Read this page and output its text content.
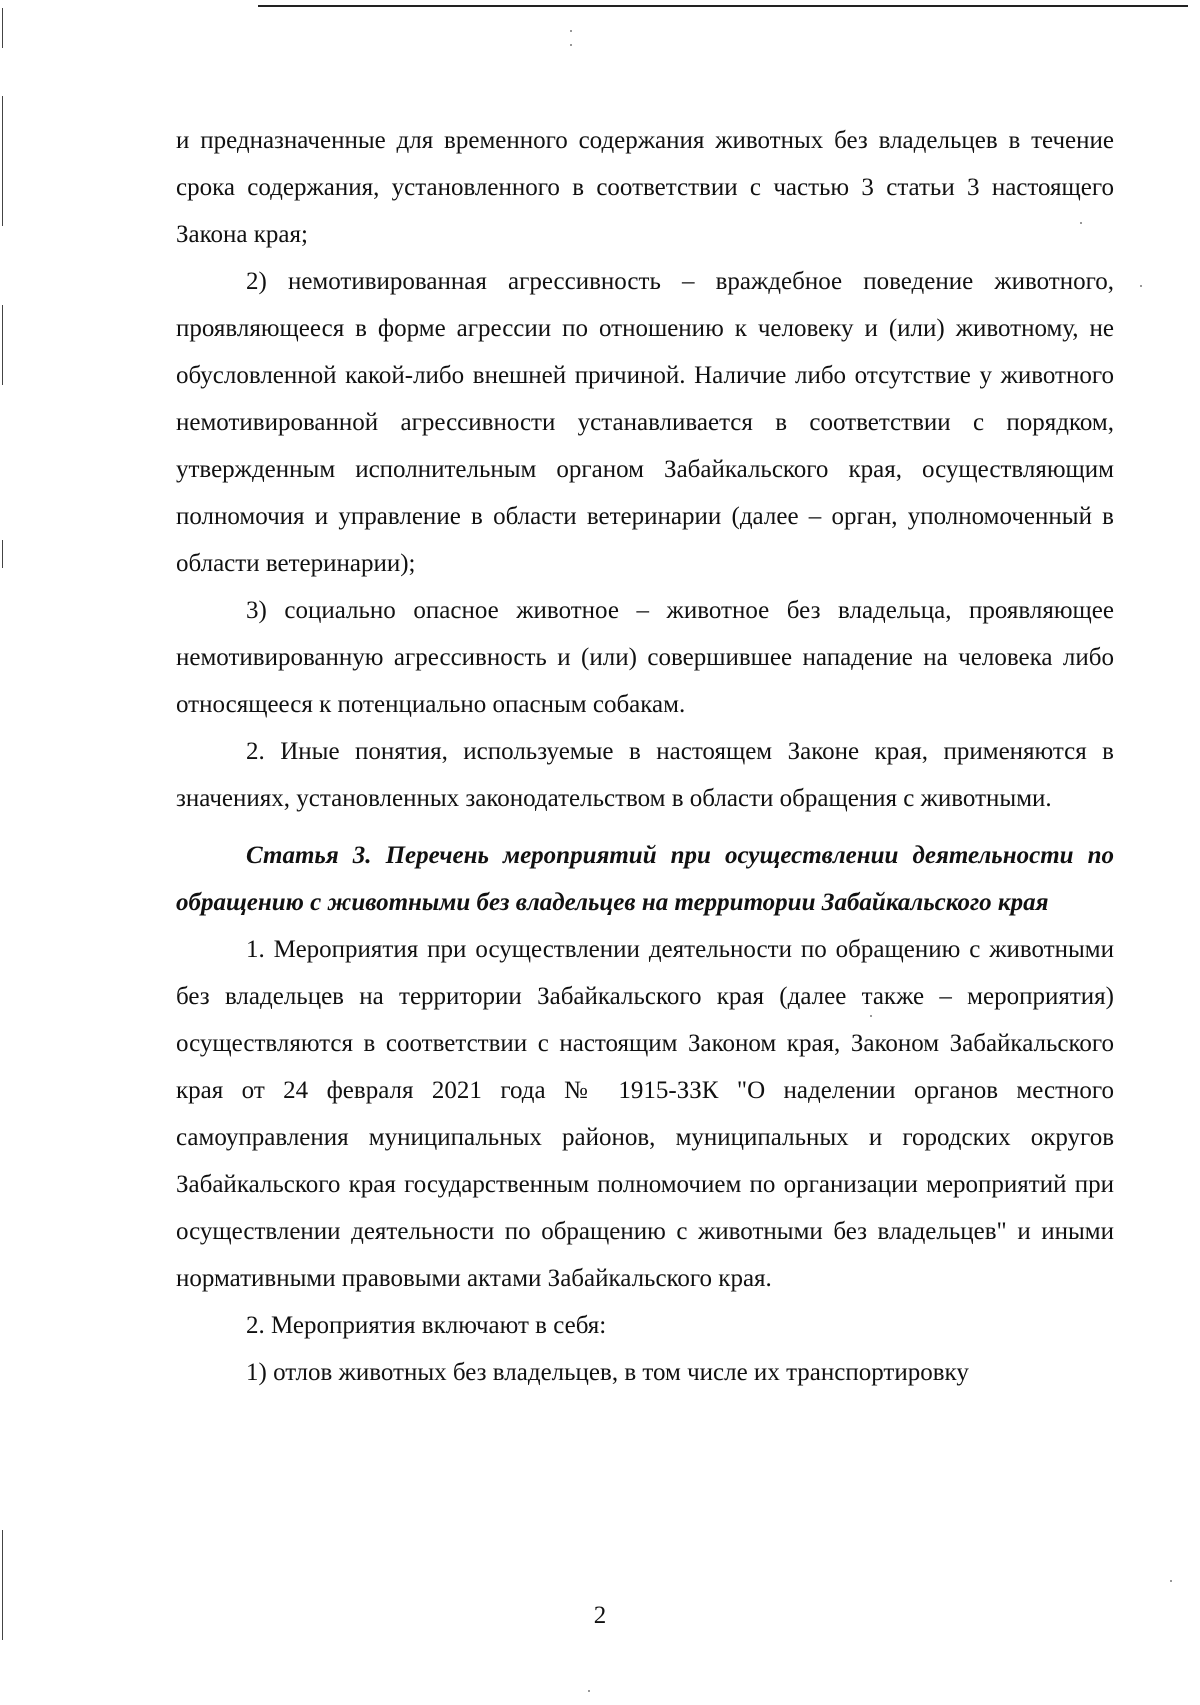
и предназначенные для временного содержания животных без владельцев в течение срока содержания, установленного в соответствии с частью 3 статьи 3 настоящего Закона края;

2) немотивированная агрессивность – враждебное поведение животного, проявляющееся в форме агрессии по отношению к человеку и (или) животному, не обусловленной какой-либо внешней причиной. Наличие либо отсутствие у животного немотивированной агрессивности устанавливается в соответствии с порядком, утвержденным исполнительным органом Забайкальского края, осуществляющим полномочия и управление в области ветеринарии (далее – орган, уполномоченный в области ветеринарии);

3) социально опасное животное – животное без владельца, проявляющее немотивированную агрессивность и (или) совершившее нападение на человека либо относящееся к потенциально опасным собакам.

2. Иные понятия, используемые в настоящем Законе края, применяются в значениях, установленных законодательством в области обращения с животными.

Статья 3. Перечень мероприятий при осуществлении деятельности по обращению с животными без владельцев на территории Забайкальского края

1. Мероприятия при осуществлении деятельности по обращению с животными без владельцев на территории Забайкальского края (далее также – мероприятия) осуществляются в соответствии с настоящим Законом края, Законом Забайкальского края от 24 февраля 2021 года № 1915-ЗЗК "О наделении органов местного самоуправления муниципальных районов, муниципальных и городских округов Забайкальского края государственным полномочием по организации мероприятий при осуществлении деятельности по обращению с животными без владельцев" и иными нормативными правовыми актами Забайкальского края.

2. Мероприятия включают в себя:

1) отлов животных без владельцев, в том числе их транспортировку

2
